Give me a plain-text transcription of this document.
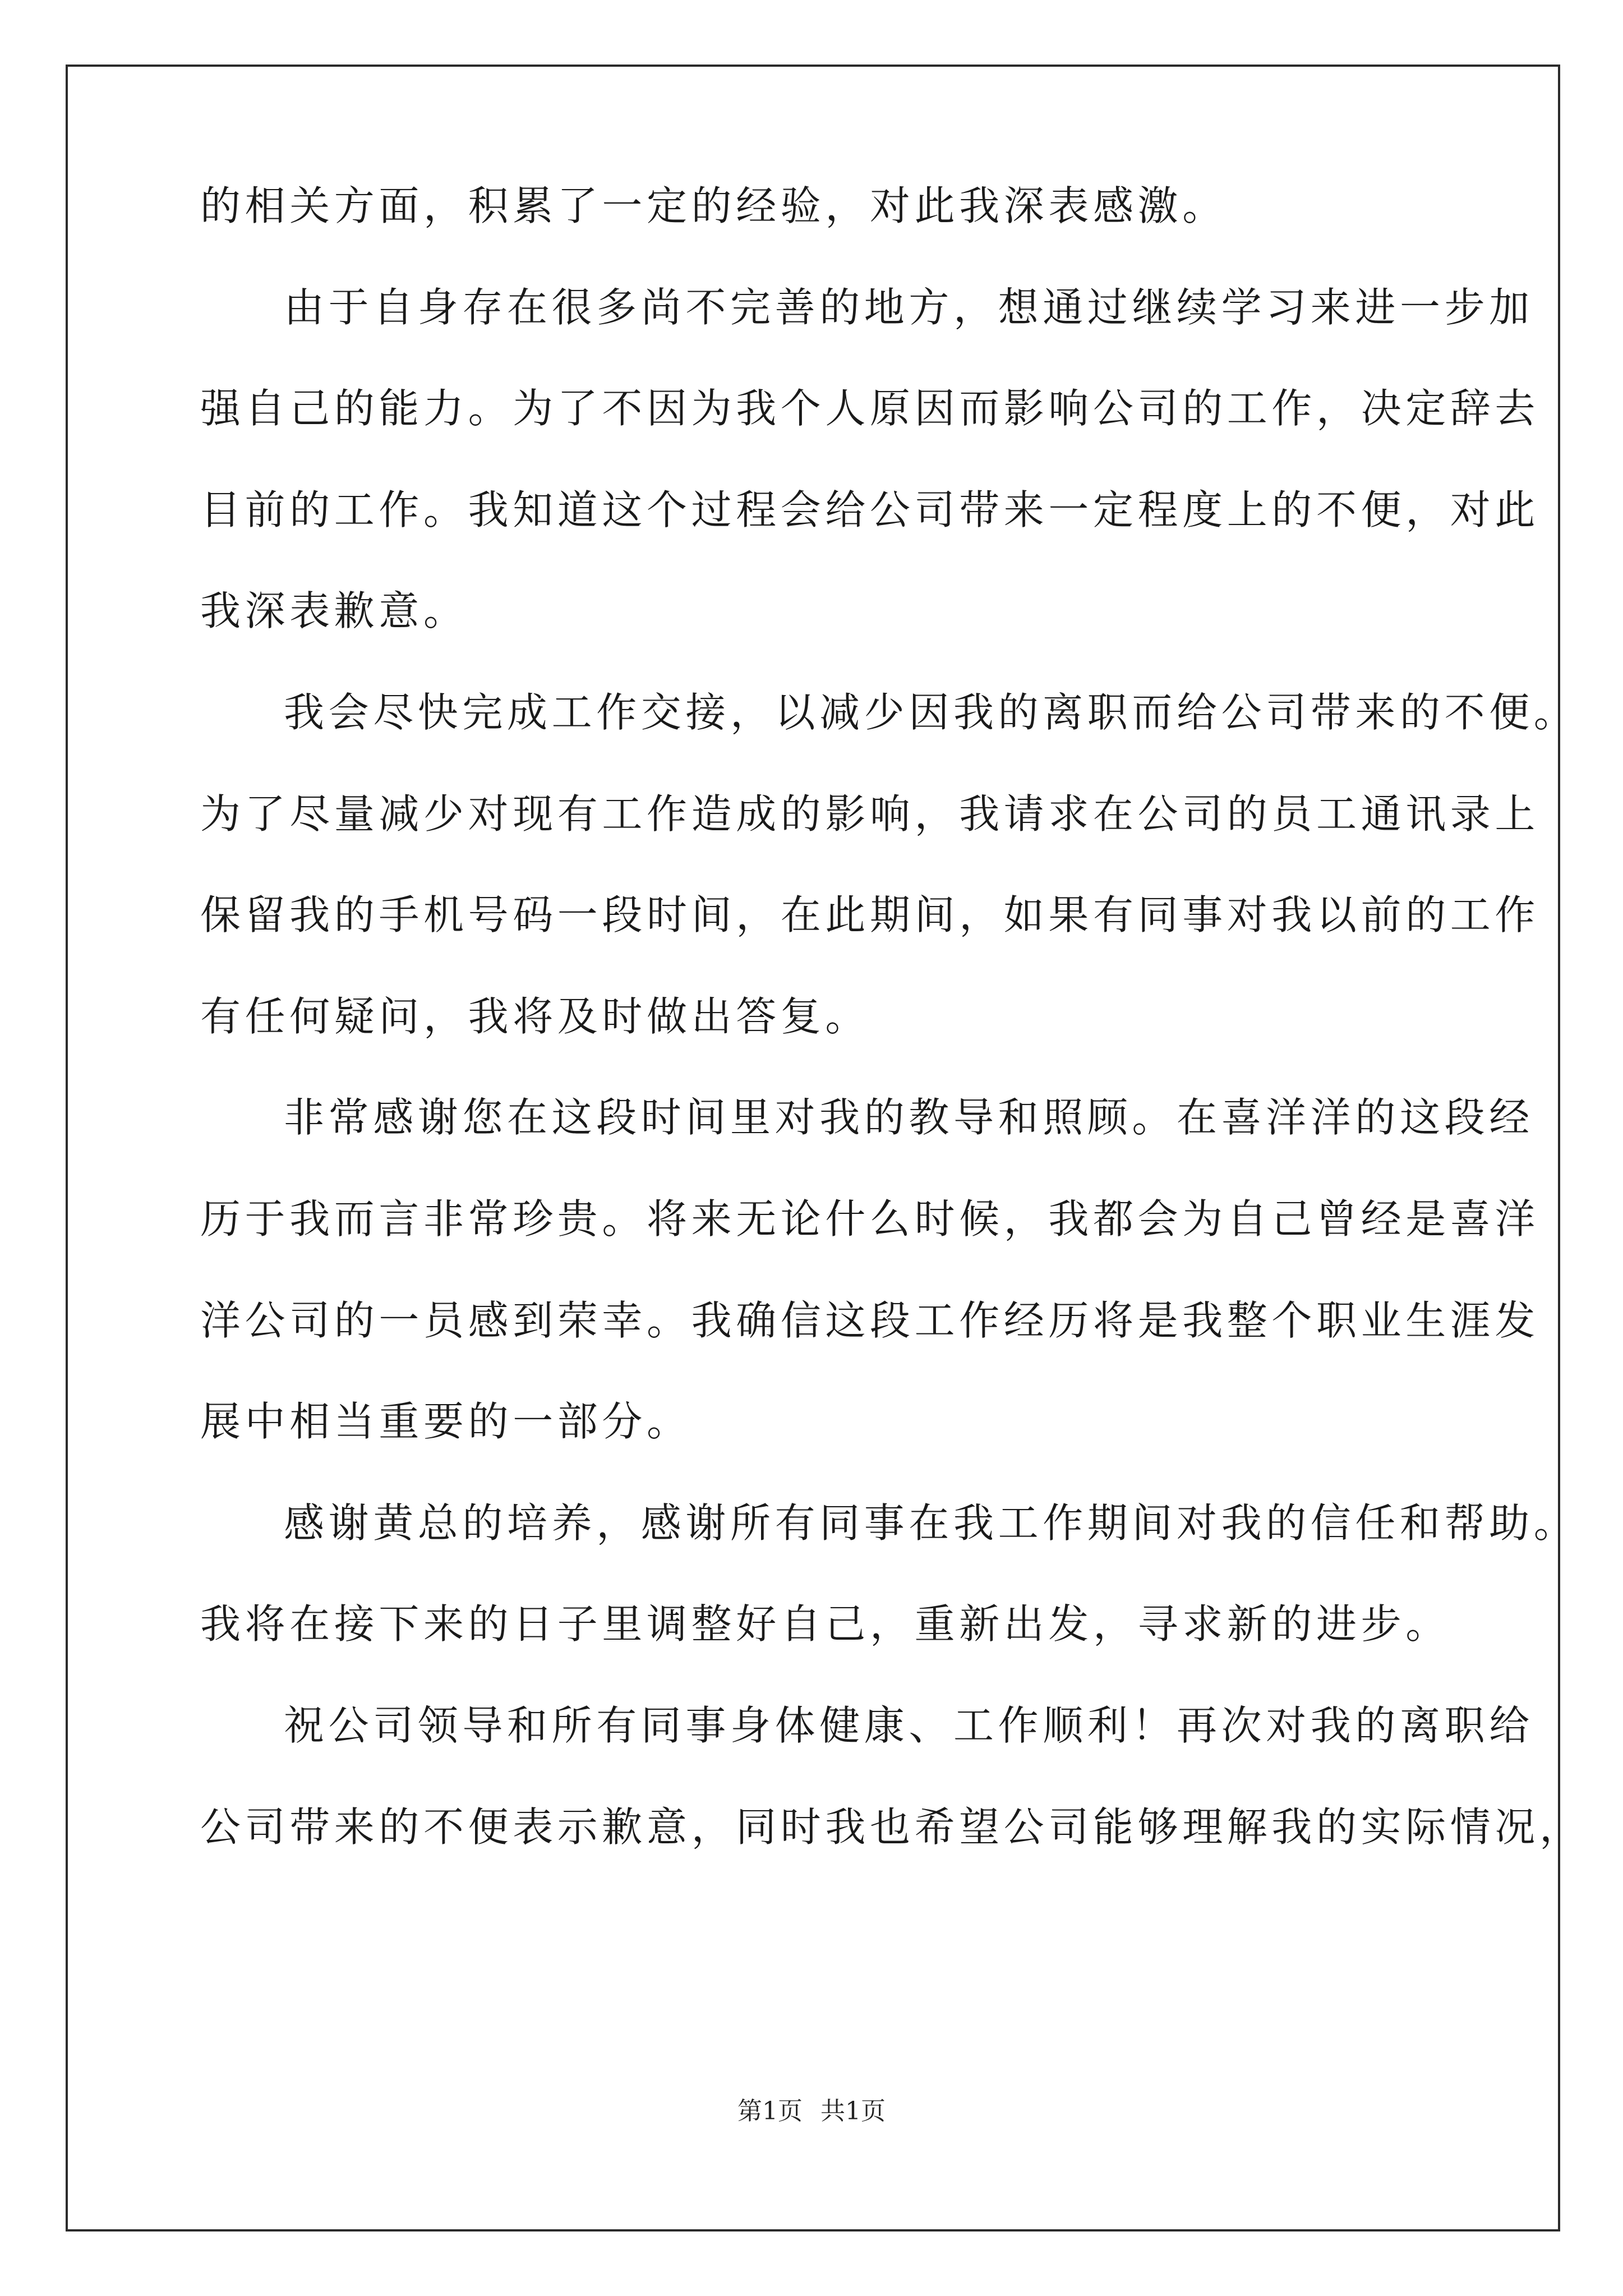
的相关方面，积累了一定的经验，对此我深表感激。
由于自身存在很多尚不完善的地方，想通过继续学习来进一步加
强自己的能力。为了不因为我个人原因而影响公司的工作，决定辞去
目前的工作。我知道这个过程会给公司带来一定程度上的不便，对此
我深表歉意。
我会尽快完成工作交接，以减少因我的离职而给公司带来的不便。
为了尽量减少对现有工作造成的影响，我请求在公司的员工通讯录上
保留我的手机号码一段时间，在此期间，如果有同事对我以前的工作
有任何疑问，我将及时做出答复。
非常感谢您在这段时间里对我的教导和照顾。在喜洋洋的这段经
历于我而言非常珍贵。将来无论什么时候，我都会为自己曾经是喜洋
洋公司的一员感到荣幸。我确信这段工作经历将是我整个职业生涯发
展中相当重要的一部分。
感谢黄总的培养，感谢所有同事在我工作期间对我的信任和帮助。
我将在接下来的日子里调整好自己，重新出发，寻求新的进步。
祝公司领导和所有同事身体健康、工作顺利！再次对我的离职给
公司带来的不便表示歉意，同时我也希望公司能够理解我的实际情况，
第1页 共1页
